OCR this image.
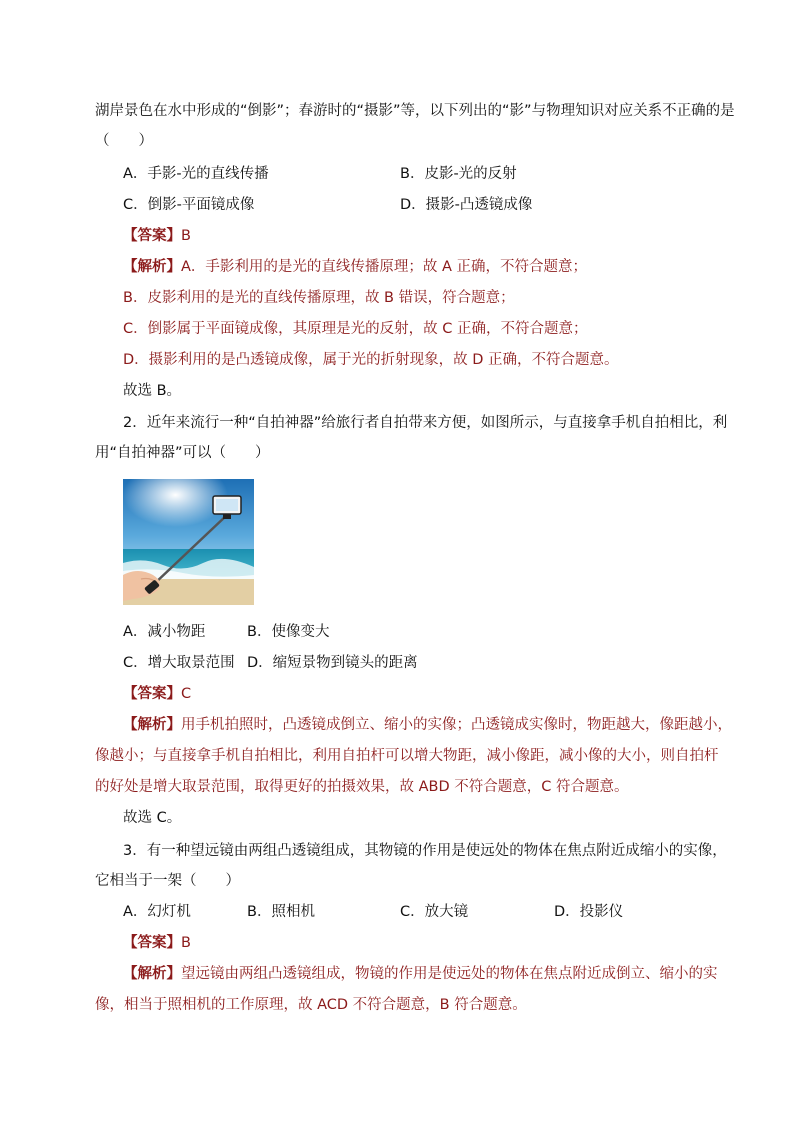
湖岸景色在水中形成的“倒影”；春游时的“摄影”等，以下列出的“影”与物理知识对应关系不正确的是
（　　）
A．手影-光的直线传播	B．皮影-光的反射
C．倒影-平面镜成像	D．摄影-凸透镜成像
【答案】B
【解析】A．手影利用的是光的直线传播原理；故 A 正确，不符合题意；
B．皮影利用的是光的直线传播原理，故 B 错误，符合题意；
C．倒影属于平面镜成像，其原理是光的反射，故 C 正确，不符合题意；
D．摄影利用的是凸透镜成像，属于光的折射现象，故 D 正确，不符合题意。
故选 B。
2．近年来流行一种“自拍神器”给旅行者自拍带来方便，如图所示，与直接拿手机自拍相比，利
用“自拍神器”可以（　　）
A．减小物距	B．使像变大
C．增大取景范围 D．缩短景物到镜头的距离
【答案】C
【解析】用手机拍照时，凸透镜成倒立、缩小的实像；凸透镜成实像时，物距越大，像距越小，
像越小；与直接拿手机自拍相比，利用自拍杆可以增大物距，减小像距，减小像的大小，则自拍杆
的好处是增大取景范围，取得更好的拍摄效果，故 ABD 不符合题意，C 符合题意。
故选 C。
3．有一种望远镜由两组凸透镜组成，其物镜的作用是使远处的物体在焦点附近成缩小的实像，
它相当于一架（　　）
A．幻灯机	B．照相机	C．放大镜	D．投影仪
【答案】B
【解析】望远镜由两组凸透镜组成，物镜的作用是使远处的物体在焦点附近成倒立、缩小的实
像，相当于照相机的工作原理，故 ACD 不符合题意，B 符合题意。
